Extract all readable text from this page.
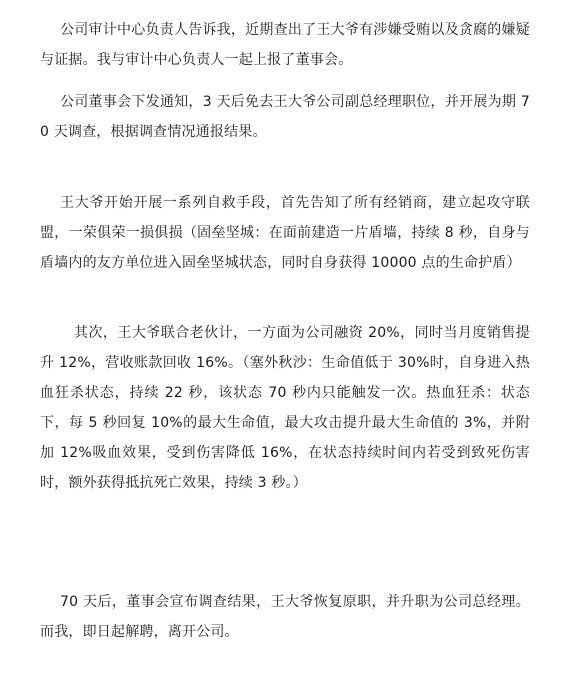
公司审计中心负责人告诉我，近期查出了王大爷有涉嫌受贿以及贪腐的嫌疑与证据。我与审计中心负责人一起上报了董事会。

公司董事会下发通知，3 天后免去王大爷公司副总经理职位，并开展为期 70 天调查，根据调查情况通报结果。

王大爷开始开展一系列自救手段，首先告知了所有经销商，建立起攻守联盟，一荣俱荣一损俱损（固垒坚城：在面前建造一片盾墙，持续 8 秒，自身与盾墙内的友方单位进入固垒坚城状态，同时自身获得 10000 点的生命护盾）

其次，王大爷联合老伙计，一方面为公司融资 20%，同时当月度销售提升 12%，营收账款回收 16%。（塞外秋沙：生命值低于 30%时，自身进入热血狂杀状态，持续 22 秒，该状态 70 秒内只能触发一次。热血狂杀：状态下，每 5 秒回复 10%的最大生命值，最大攻击提升最大生命值的 3%，并附加 12%吸血效果，受到伤害降低 16%，在状态持续时间内若受到致死伤害时，额外获得抵抗死亡效果，持续 3 秒。）

70 天后，董事会宣布调查结果，王大爷恢复原职，并升职为公司总经理。而我，即日起解聘，离开公司。
